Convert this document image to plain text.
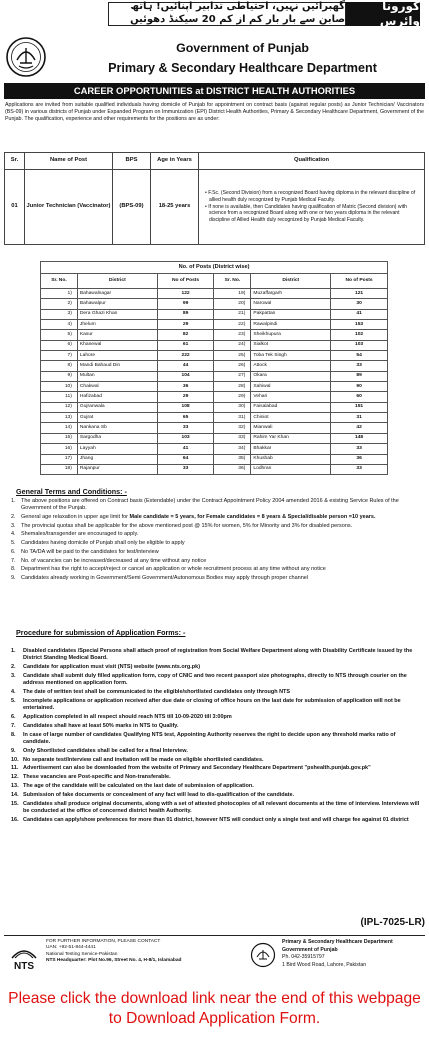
گھبرائیں نہیں، احتیاطی تدابیر اپنائیں! ہاتھ صابن سے بار بار کم از کم 20 سیکنڈ دھوئیں
کورونا وائرس
Government of Punjab
Primary & Secondary Healthcare Department
CAREER OPPORTUNITIES at DISTRICT HEALTH AUTHORITIES

Applications are invited from suitable qualified individuals having domicile of Punjab for appointment on contract basis (against regular posts) as Junior Technician/ Vaccinators (BS-09) in various districts of Punjab under Expanded Program on Immunization (EPI) District Health Authorities, Primary & Secondary Healthcare Department, Government of the Punjab. The qualification, experience and other requirements for the positions are as under:

Sr.	Name of Post	BPS	Age in Years	Qualification
01	Junior Technician (Vaccinator)	(BPS-09)	18-25 years	• F.Sc. (Second Division) from a recognized Board having diploma in the relevant discipline of allied health duly recognized by Punjab Medical Faculty.

• If none is available, then Candidates having qualification of Matric (Second division) with science from a recognized Board along with one or two years diploma in the relevant discipline of Allied Health duly recognized by Punjab Medical Faculty.

No. of Posts (District wise)					
Sr. No.	District	No of Posts	Sr. No.	District	No of Posts
1)	Bahawalnagar	122	19)	Muzaffargarh	121
2)	Bahawalpur	99	20)	Narowal	30
3)	Dera Ghazi Khan	89	21)	Pakpattan	41
4)	Jhelum	29	22)	Rawalpindi	153
5)	Kasur	82	23)	Sheikhupura	102
6)	Khanewal	61	24)	Sialkot	103
7)	Lahore	222	25)	Toba Tek Singh	54
8)	Mandi Bahaud Din	44	26)	Attock	33
9)	Multan	104	27)	Okara	89
10)	Chakwal	36	28)	Sahiwal	90
11)	Hafizabad	29	29)	Vehari	60
12)	Gujranwala	108	30)	Faisalabad	151
13)	Gujrat	65	31)	Chiniot	31
14)	Nankana Sb	33	32)	Mianwali	42
15)	Sargodha	103	33)	Rahim Yar Khan	148
16)	Layyah	41	34)	Bhakkar	33
17)	Jhang	64	35)	Khushab	36
18)	Rajanpur	33	36)	Lodhran	33
General Terms and Conditions: -
1. The above positions are offered on Contract basis (Extendable) under the Contract Appointment Policy 2004 amended 2016 & existing Service Rules of the Government of the Punjab.
2. General age relaxation in upper age limit for Male candidate = 5 years, for Female candidates = 8 years & Special/disable person =10 years.
3. The provincial quotas shall be applicable for the above mentioned post @ 15% for women, 5% for Minority and 3% for disabled persons.
4. Shemales/transgender are encouraged to apply.
5. Candidates having domicile of Punjab shall only be eligible to apply
6. No TA/DA will be paid to the candidates for test/interview
7. No. of vacancies can be increased/decreased at any time without any notice
8. Department has the right to accept/reject or cancel an application or whole recruitment process at any time without any notice
9. Candidates already working in Government/Semi Government/Autonomous Bodies may apply through proper channel
Procedure for submission of Application Forms: -
1.	Disabled candidates /Special Persons shall attach proof of registration from Social Welfare Department along with Disability Certificate issued by the District Standing Medical Board.
2.	Candidate for application must visit (NTS) website (www.nts.org.pk)
3.	Candidate shall submit duly filled application form, copy of CNIC and two recent passport size photographs, directly to NTS through courier on the address mentioned on application form.
4.	The date of written test shall be communicated to the eligible/shortlisted candidates only through NTS
5.	Incomplete applications or application received after due date or closing of office hours on the last date for submission of application will not be entertained.
6.	Application completed in all respect should reach NTS till 10-09-2020 till 3:00pm
7.	Candidates shall have at least 50% marks in NTS to Qualify.
8.	In case of large number of candidates Qualifying NTS test, Appointing Authority reserves the right to decide upon any threshold marks ratio of candidate.
9.	Only Shortlisted candidates shall be called for a final Interview.
10. No separate test/Interview call and invitation will be made on eligible shortlisted candidates.
11. Advertisement can also be downloaded from the website of Primary and Secondary Healthcare Department "pshealth.punjab.gov.pk"
12. These vacancies are Post-specific and Non-transferable.
13. The age of the candidate will be calculated on the last date of submission of application.
14. Submission of fake documents or concealment of any fact will lead to dis-qualification of the candidate.
15. Candidates shall produce original documents, along with a set of attested photocopies of all relevant documents at the time of interview. Interviews will be conducted at the office of concerned district health Authority.
16. Candidates can apply/show preferences for more than 01 district, however NTS will conduct only a single test and will charge fee against 01 district
(IPL-7025-LR)
NTS
FOR FURTHER INFORMATION, PLEASE CONTACT
UAN: +92-51-844-4441
National Testing Service-Pakistan
NTS Headquarter: Plot No.96, Street No. 4, H-8/1, Islamabad
Primary & Secondary Healthcare Department
Government of Punjab
Ph. 042-35915797
1 Bird Wood Road, Lahore, Pakistan
Please click the download link near the end of this webpage to Download Application Form.
